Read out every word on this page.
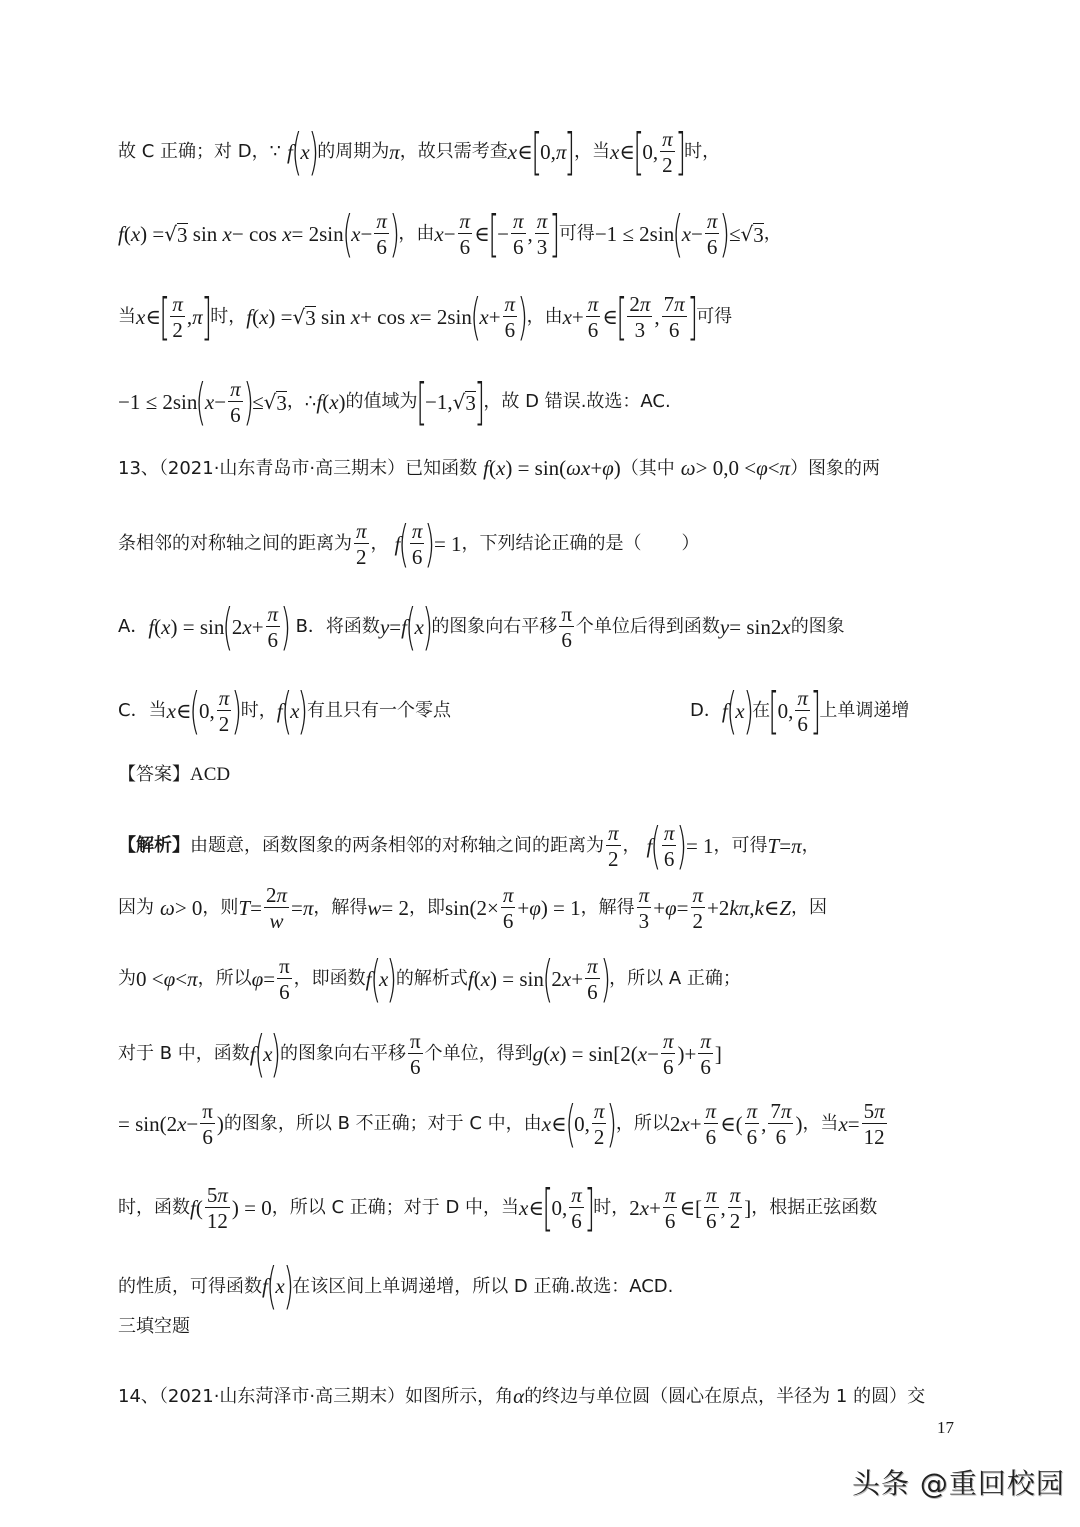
故 C 正确；对 D，∵ f
(
x
)
的周期为 π ，故只需考查 x ∈
[
0, π
]
，当 x ∈
[
0, $\frac{\pi}{2}$ ]
时，
f ( x ) = √ 3 sin x − cos x = 2sin
(
$x - \frac{\pi}{6}$ )
，由 $x - \frac{\pi}{6}$ ∈
[
− $\frac{\pi}{6}$ , $\frac{\pi}{3}$ ]
可得 −1 ≤ 2sin
(
$x - \frac{\pi}{6}$ )
≤ √ 3 ，
当 x ∈
[ $\frac{\pi}{2}$ , π
]
时， f ( x ) = √ 3 sin x + cos x = 2sin
(
$x + \frac{\pi}{6}$ )
，由 $x + \frac{\pi}{6}$ ∈
[ $\frac{2\pi}{3}$ , $\frac{7\pi}{6}$ ]
可得
−1 ≤ 2sin
(
$x - \frac{\pi}{6}$ )
≤ √ 3 ，∴ f ( x ) 的值域为
[
−1, √ 3
]
，故 D 错误.故选：AC.
13、（2021·山东青岛市·高三期末）已知函数 f ( x ) = sin( ωx + φ ) （其中 ω > 0,0 < φ < π ）图象的两
条相邻的对称轴之间的距离为 $\frac{\pi}{2}$ ， f
( $\frac{\pi}{6}$ )
= 1 ，下列结论正确的是（ ）
A． f ( x ) = sin
(
2 $x + \frac{\pi}{6}$ ) B．将函数 y = f
(
x
)
的图象向右平移 $\frac{\pi}{6}$ 个单位后得到函数 y = sin2 x 的图象
C．当 x ∈
(
0, $\frac{\pi}{2}$ )
时， f
(
x
)
有且只有一个零点	D． f
(
x
)
在
[
0, $\frac{\pi}{6}$ ]
上单调递增
【答案】 ACD
【解析】 由题意，函数图象的两条相邻的对称轴之间的距离为 $\frac{\pi}{2}$ ， f
( $\frac{\pi}{6}$ )
= 1 ，可得 T = π ，
因为 ω > 0 ，则 $T = \frac{2\pi}{w} = \pi$ ，解得 w = 2 ，即 $\sin(2\times \frac{\pi}{6} + \varphi$ ) = 1 ，解得 $\frac{\pi}{3} + \varphi = \frac{\pi}{2} +2$ kπ , k ∈ Z ，因
为 0 < φ < π ，所以 $\varphi = \frac{\pi}{6}$ ，即函数 f
(
x
)
的解析式 f ( x ) = sin
(
2 $x + \frac{\pi}{6}$ )
，所以 A 正确；
对于 B 中，函数 f
(
x
)
的图象向右平移 $\frac{\pi}{6}$ 个单位，得到 g ( x ) = sin[2( $x - \frac{\pi}{6}$ )+ $\frac{\pi}{6}$ ]
= sin(2 $x - \frac{\pi}{6}$ ) 的图象，所以 B 不正确；对于 C 中，由 x ∈
(
0, $\frac{\pi}{2}$ )
，所以 2 $x + \frac{\pi}{6}$ ∈( $\frac{\pi}{6}$ , $\frac{7\pi}{6}$ ) ，当 $x = \frac{5\pi}{12}$
时，函数 f ( $\frac{5\pi}{12}$ ) = 0 ，所以 C 正确；对于 D 中，当 x ∈
[
0, $\frac{\pi}{6}$ ]
时， 2 $x + \frac{\pi}{6}$ ∈[ $\frac{\pi}{6}$ , $\frac{\pi}{2}$ ] ，根据正弦函数
的性质，可得函数 f
(
x
)
在该区间上单调递增，所以 D 正确.故选：ACD.
三填空题
14、（2021·山东菏泽市·高三期末）如图所示，角 α 的终边与单位圆（圆心在原点，半径为 1 的圆）交
17
头条 @重回校园
